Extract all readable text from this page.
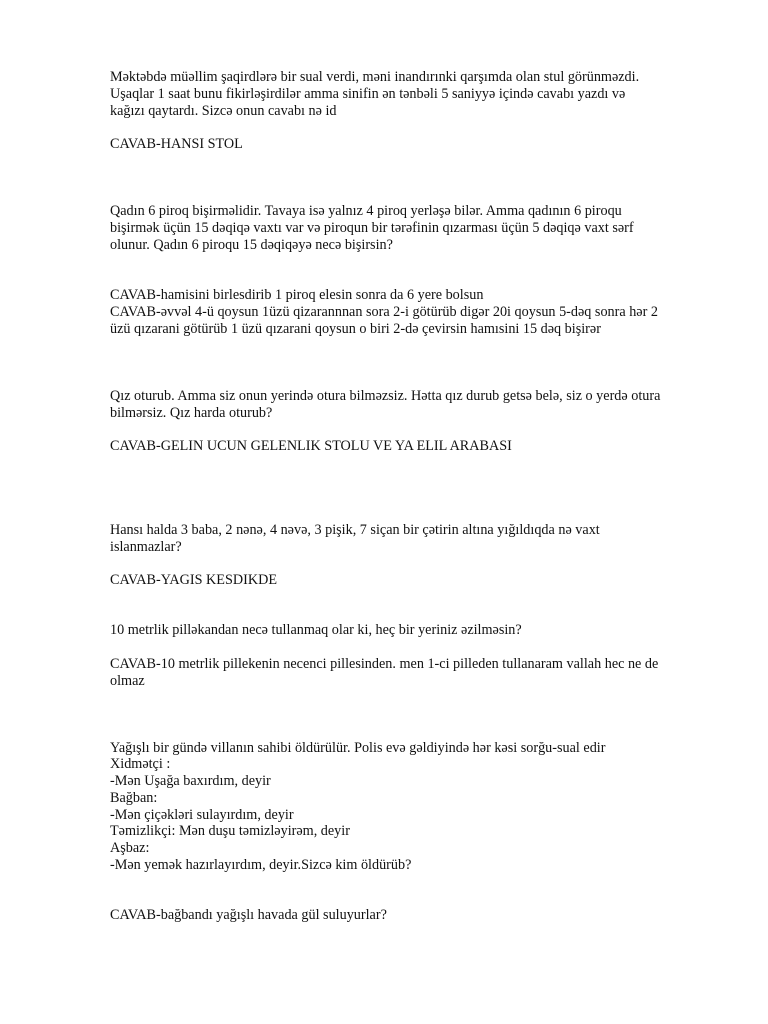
Məktəbdə müəllim şaqirdlərə bir sual verdi, məni inandırınki qarşımda olan stul görünməzdi.

Uşaqlar 1 saat bunu fikirləşirdilər amma sinifin ən tənbəli 5 saniyyə içində cavabı yazdı və

kağızı qaytardı. Sizcə onun cavabı nə id

CAVAB-HANSI STOL

Qadın 6 piroq bişirməlidir. Tavaya isə yalnız 4 piroq yerləşə bilər. Amma qadının 6 piroqu

bişirmək üçün 15 dəqiqə vaxtı var və piroqun bir tərəfinin qızarması üçün 5 dəqiqə vaxt sərf

olunur. Qadın 6 piroqu 15 dəqiqəyə necə bişirsin?

CAVAB-hamisini birlesdirib 1 piroq elesin sonra da 6 yere bolsun

CAVAB-əvvəl 4-ü qoysun 1üzü qizarannnan sora 2-i götürüb digər 20i qoysun 5-dəq sonra hər 2

üzü qızarani götürüb 1 üzü qızarani qoysun o biri 2-də çevirsin hamısini 15 dəq bişirər

Qız oturub. Amma siz onun yerində otura bilməzsiz. Hətta qız durub getsə belə, siz o yerdə otura

bilmərsiz. Qız harda oturub?

CAVAB-GELIN UCUN GELENLIK STOLU VE YA ELIL ARABASI

Hansı halda 3 baba, 2 nənə, 4 nəvə, 3 pişik, 7 siçan bir çətirin altına yığıldıqda nə vaxt

islanmazlar?

CAVAB-YAGIS KESDIKDE

10 metrlik pilləkandan necə tullanmaq olar ki, heç bir yeriniz əzilməsin?

CAVAB-10 metrlik pillekenin necenci pillesinden. men 1-ci pilleden tullanaram vallah hec ne de

olmaz

Yağışlı bir gündə villanın sahibi öldürülür. Polis evə gəldiyində hər kəsi sorğu-sual edir

Xidmətçi :

-Mən Uşağa baxırdım, deyir

Bağban:

-Mən çiçəkləri sulayırdım, deyir

Təmizlikçi: Mən duşu təmizləyirəm, deyir

Aşbaz:

-Mən yemək hazırlayırdım, deyir.Sizcə kim öldürüb?

CAVAB-bağbandı yağışlı havada gül suluyurlar?
